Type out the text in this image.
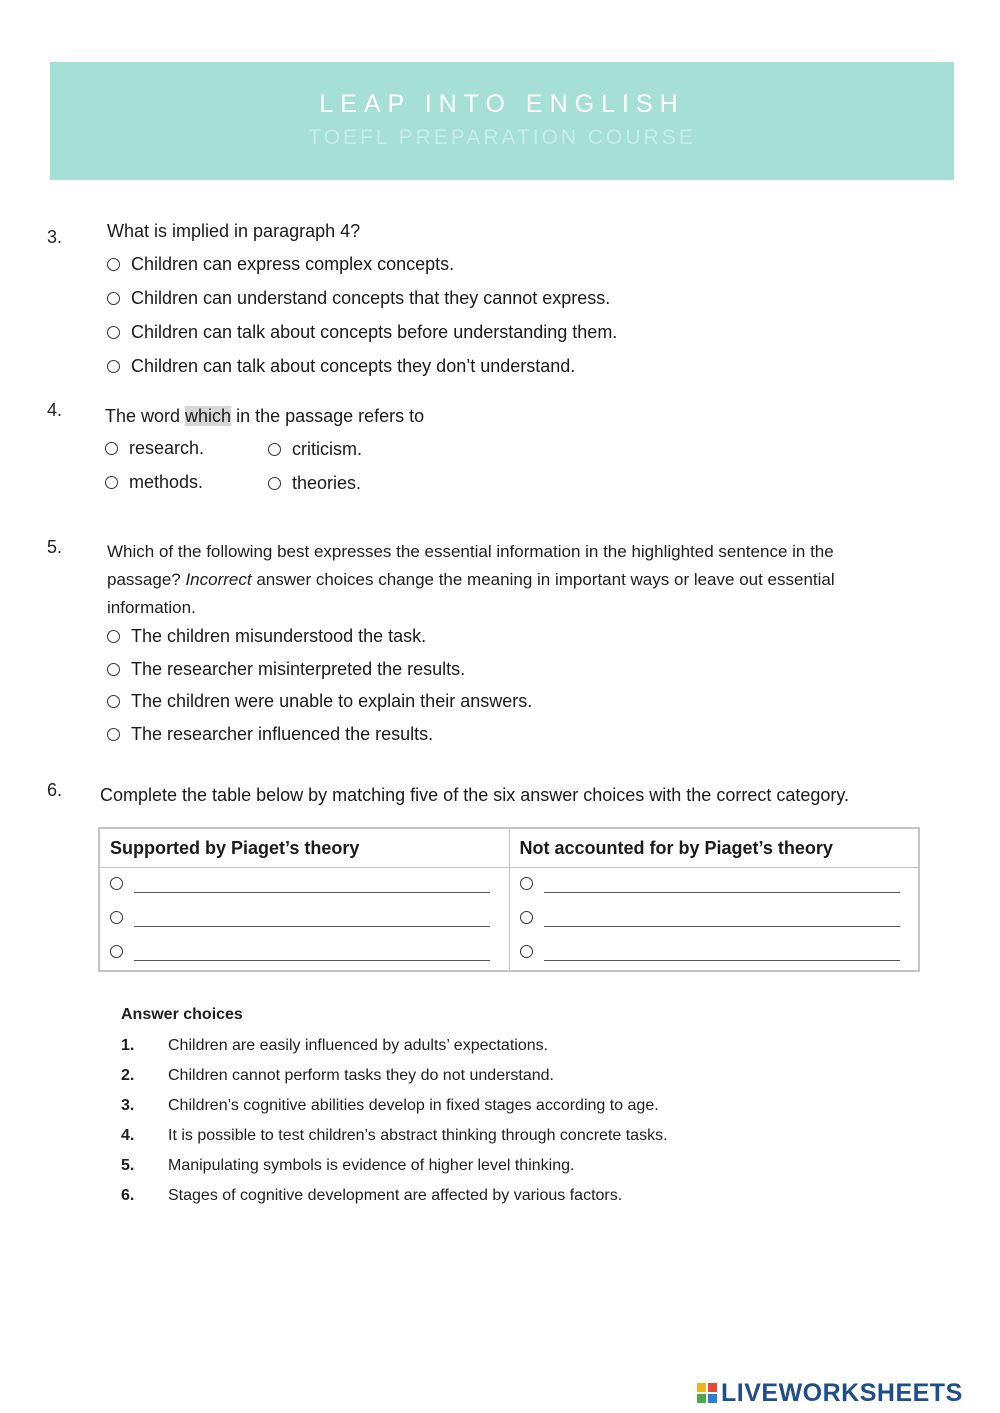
LEAP INTO ENGLISH
TOEFL PREPARATION COURSE
3. What is implied in paragraph 4?
Children can express complex concepts.
Children can understand concepts that they cannot express.
Children can talk about concepts before understanding them.
Children can talk about concepts they don’t understand.
4. The word which in the passage refers to
research.	criticism.
methods.	theories.
5.	Which of the following best expresses the essential information in the highlighted sentence in the passage? Incorrect answer choices change the meaning in important ways or leave out essential information.
The children misunderstood the task.
The researcher misinterpreted the results.
The children were unable to explain their answers.
The researcher influenced the results.
6. Complete the table below by matching five of the six answer choices with the correct category.
Supported by Piaget’s theory	Not accounted for by Piaget’s theory

Answer choices
1. Children are easily influenced by adults’ expectations.
2. Children cannot perform tasks they do not understand.
3. Children’s cognitive abilities develop in fixed stages according to age.
4. It is possible to test children’s abstract thinking through concrete tasks.
5. Manipulating symbols is evidence of higher level thinking.
6. Stages of cognitive development are affected by various factors.
LIVEWORKSHEETS
